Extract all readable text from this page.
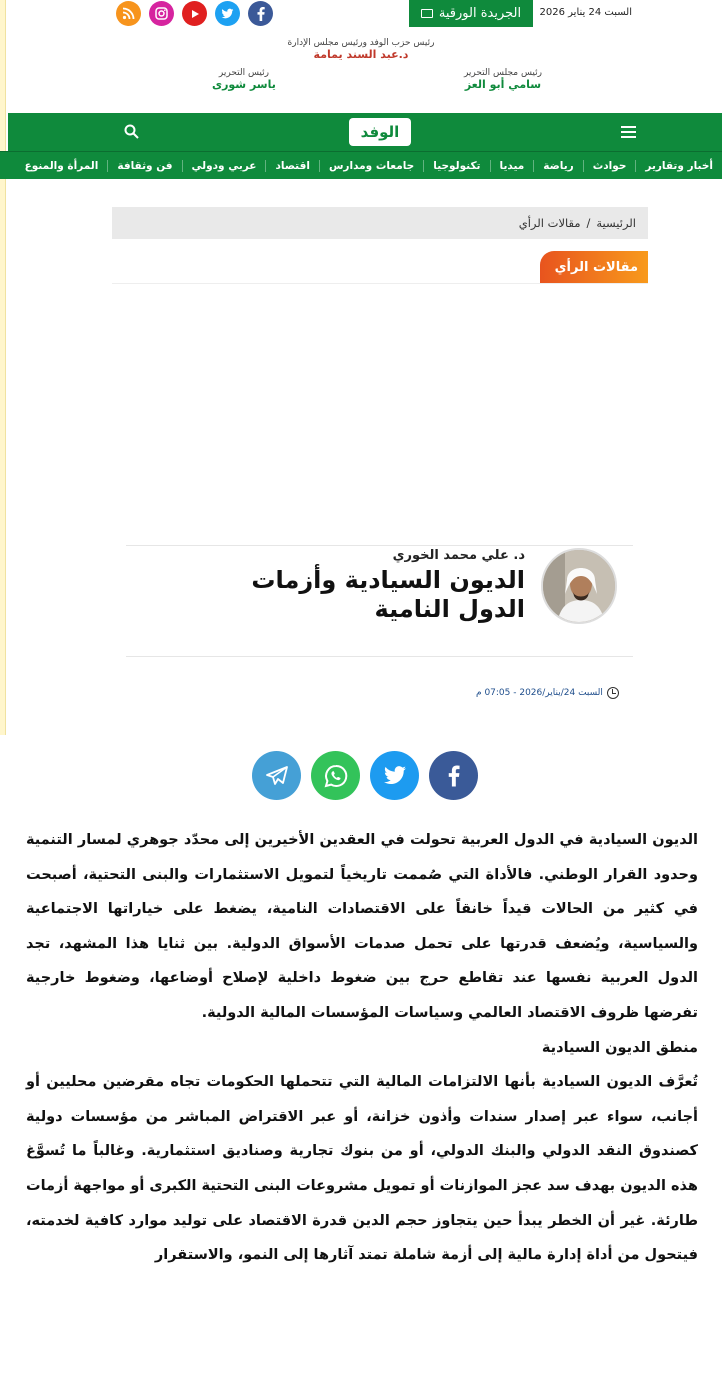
الجريدة الورقية السبت 24 يناير 2026
رئيس حزب الوفد ورئيس مجلس الإدارة
د.عبد السند يمامة
رئيس مجلس التحرير
سامي أبو العز
رئيس التحرير
ياسر شورى
الوفد
أخبار وتقارير
حوادث
رياضة
ميديا
تكنولوجيا
جامعات ومدارس
اقتصاد
عربي ودولي
فن وثقافة
المرأة والمنوع
الرئيسية
/
مقالات الرأي
مقالات الرأي
د. علي محمد الخوري
الديون السيادية وأزمات الدول النامية
السبت 24/يناير/2026 - 07:05 م

الديون السيادية في الدول العربية تحولت في العقدين الأخيرين إلى محدّد جوهري لمسار التنمية وحدود القرار الوطني. فالأداة التي صُممت تاريخياً لتمويل الاستثمارات والبنى التحتية، أصبحت في كثير من الحالات قيداً خانقاً على الاقتصادات النامية، يضغط على خياراتها الاجتماعية والسياسية، ويُضعف قدرتها على تحمل صدمات الأسواق الدولية. بين ثنايا هذا المشهد، تجد الدول العربية نفسها عند تقاطع حرج بين ضغوط داخلية لإصلاح أوضاعها، وضغوط خارجية تفرضها ظروف الاقتصاد العالمي وسياسات المؤسسات المالية الدولية.

منطق الديون السيادية

تُعرَّف الديون السيادية بأنها الالتزامات المالية التي تتحملها الحكومات تجاه مقرضين محليين أو أجانب، سواء عبر إصدار سندات وأذون خزانة، أو عبر الاقتراض المباشر من مؤسسات دولية كصندوق النقد الدولي والبنك الدولي، أو من بنوك تجارية وصناديق استثمارية. وغالباً ما تُسوَّغ هذه الديون بهدف سد عجز الموازنات أو تمويل مشروعات البنى التحتية الكبرى أو مواجهة أزمات طارئة. غير أن الخطر يبدأ حين يتجاوز حجم الدين قدرة الاقتصاد على توليد موارد كافية لخدمته، فيتحول من أداة إدارة مالية إلى أزمة شاملة تمتد آثارها إلى النمو، والاستقرار
